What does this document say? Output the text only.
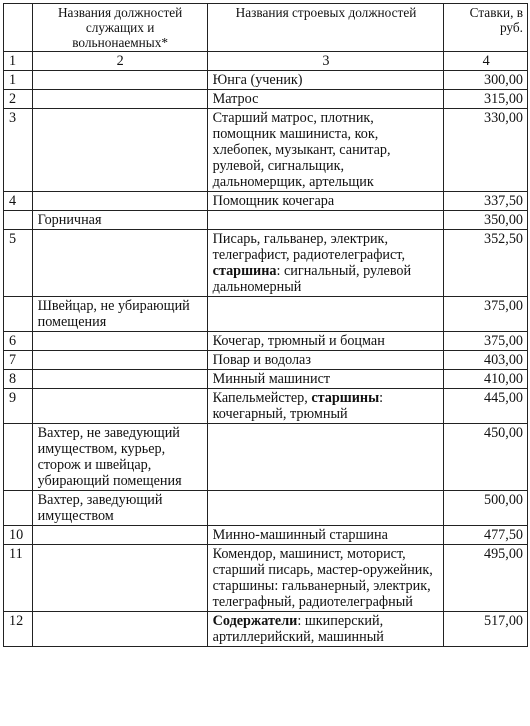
	Названия должностей служащих и вольнонаемных*	Названия строевых должностей	Ставки, в руб.
1	2	3	4
1		Юнга (ученик)	300,00
2		Матрос	315,00
3		Старший матрос, плотник, помощник машиниста, кок, хлебопек, музыкант, санитар, рулевой, сигнальщик, дальномерщик, артельщик	330,00
4		Помощник кочегара	337,50
	Горничная		350,00
5		Писарь, гальванер, электрик, телеграфист, радиотелеграфист, старшина: сигнальный, рулевой дальномерный	352,50
	Швейцар, не убирающий помещения		375,00
6		Кочегар, трюмный и боцман	375,00
7		Повар и водолаз	403,00
8		Минный машинист	410,00
9		Капельмейстер, старшины: кочегарный, трюмный	445,00
	Вахтер, не заведующий имуществом, курьер, сторож и швейцар, убирающий помещения		450,00
	Вахтер, заведующий имуществом		500,00
10		Минно-машинный старшина	477,50
11		Комендор, машинист, моторист, старший писарь, мастер-оружейник, старшины: гальванерный, электрик, телеграфный, радиотелеграфный	495,00
12		Содержатели: шкиперский, артиллерийский, машинный	517,00
